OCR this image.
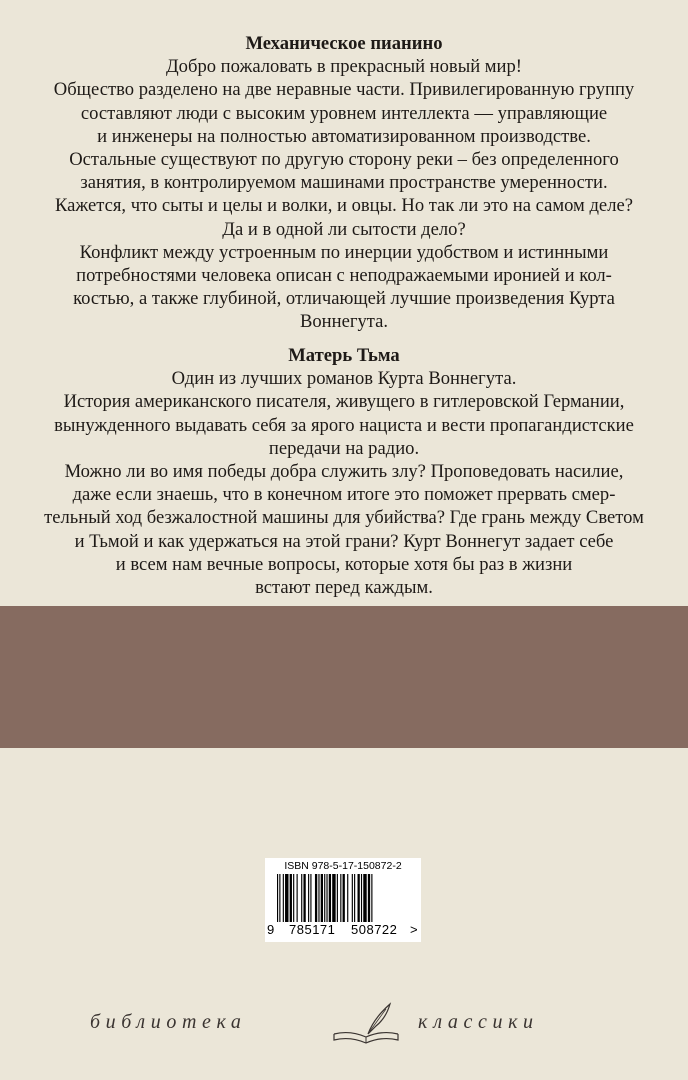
Механическое пианино

Добро пожаловать в прекрасный новый мир!

Общество разделено на две неравные части. Привилегированную группу

составляют люди с высоким уровнем интеллекта — управляющие

и инженеры на полностью автоматизированном производстве.

Остальные существуют по другую сторону реки – без определенного

занятия, в контролируемом машинами пространстве умеренности.

Кажется, что сыты и целы и волки, и овцы. Но так ли это на самом деле?

Да и в одной ли сытости дело?

Конфликт между устроенным по инерции удобством и истинными

потребностями человека описан с неподражаемыми иронией и кол-

костью, а также глубиной, отличающей лучшие произведения Курта

Воннегута.

Матерь Тьма

Один из лучших романов Курта Воннегута.

История американского писателя, живущего в гитлеровской Германии,

вынужденного выдавать себя за ярого нациста и вести пропагандистские

передачи на радио.

Можно ли во имя победы добра служить злу? Проповедовать насилие,

даже если знаешь, что в конечном итоге это поможет прервать смер-

тельный ход безжалостной машины для убийства? Где грань между Светом

и Тьмой и как удержаться на этой грани? Курт Воннегут задает себе

и всем нам вечные вопросы, которые хотя бы раз в жизни

встают перед каждым.

ISBN 978-5-17-150872-2
9 785171 508722 >
библиотека	классики
